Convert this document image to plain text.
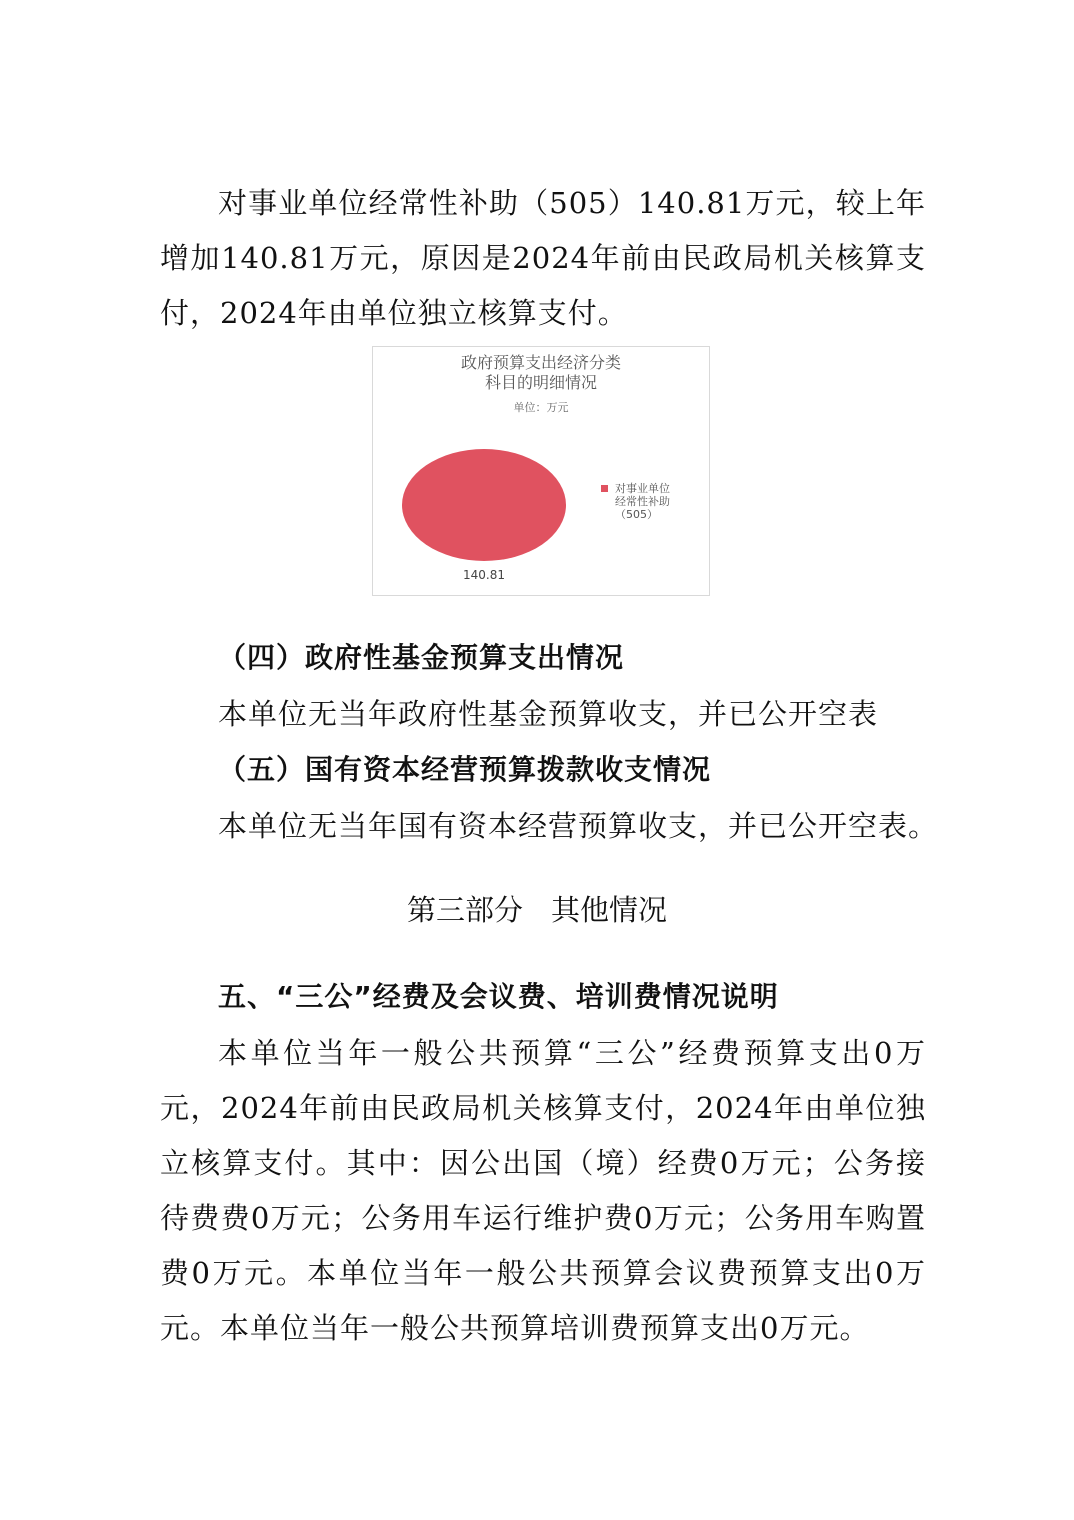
对事业单位经常性补助（505）140.81万元，较上年增加140.81万元，原因是2024年前由民政局机关核算支付，2024年由单位独立核算支付。

政府预算支出经济分类
科目的明细情况
单位：万元
140.81
对事业单位
经常性补助
（505）

（四）政府性基金预算支出情况

本单位无当年政府性基金预算收支，并已公开空表

（五）国有资本经营预算拨款收支情况

本单位无当年国有资本经营预算收支，并已公开空表。

第三部分 其他情况

五、“三公”经费及会议费、培训费情况说明

本单位当年一般公共预算“三公”经费预算支出0万元，2024年前由民政局机关核算支付，2024年由单位独立核算支付。其中：因公出国（境）经费0万元；公务接待费费0万元；公务用车运行维护费0万元；公务用车购置费0万元。本单位当年一般公共预算会议费预算支出0万元。本单位当年一般公共预算培训费预算支出0万元。
